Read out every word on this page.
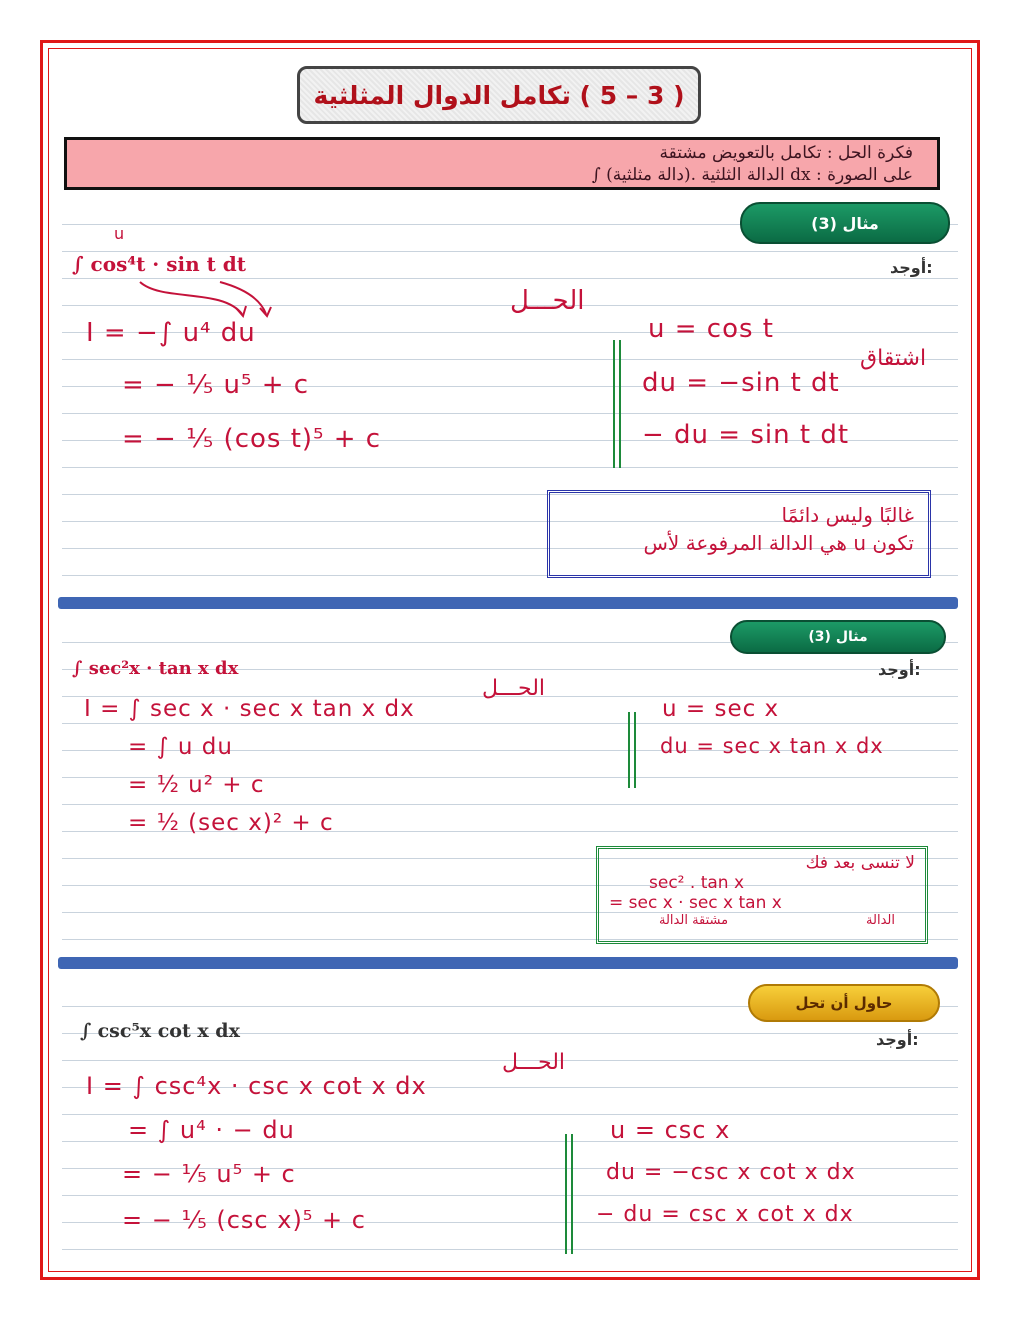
( 3 – 5 ) تكامل الدوال المثلثية
فكرة الحل : تكامل بالتعويض مشتقة
على الصورة : dx الدالة الثلثية .(دالة مثلثية) ∫
مثال (3)
أوجد:
u
∫ cos⁴t · sin t dt
الحـــل
I = −∫ u⁴ du
= − ¹⁄₅ u⁵ + c
= − ¹⁄₅ (cos t)⁵ + c
u = cos t
اشتقاق
du = −sin t dt
− du = sin t dt
غالبًا وليس دائمًا
تكون u هي الدالة المرفوعة لأس
مثال (3)
أوجد:
∫ sec²x · tan x dx
الحـــل
I = ∫ sec x · sec x tan x dx
= ∫ u du
= ½ u² + c
= ½ (sec x)² + c
u = sec x
du = sec x tan x dx
لا تنسى بعد فك
sec² . tan x
= sec x · sec x tan x
مشتقة الدالة	الدالة
حاول أن تحل
أوجد:
∫ csc⁵x cot x dx
الحـــل
I = ∫ csc⁴x · csc x cot x dx
= ∫ u⁴ · − du
= − ¹⁄₅ u⁵ + c
= − ¹⁄₅ (csc x)⁵ + c
u = csc x
du = −csc x cot x dx
− du = csc x cot x dx
